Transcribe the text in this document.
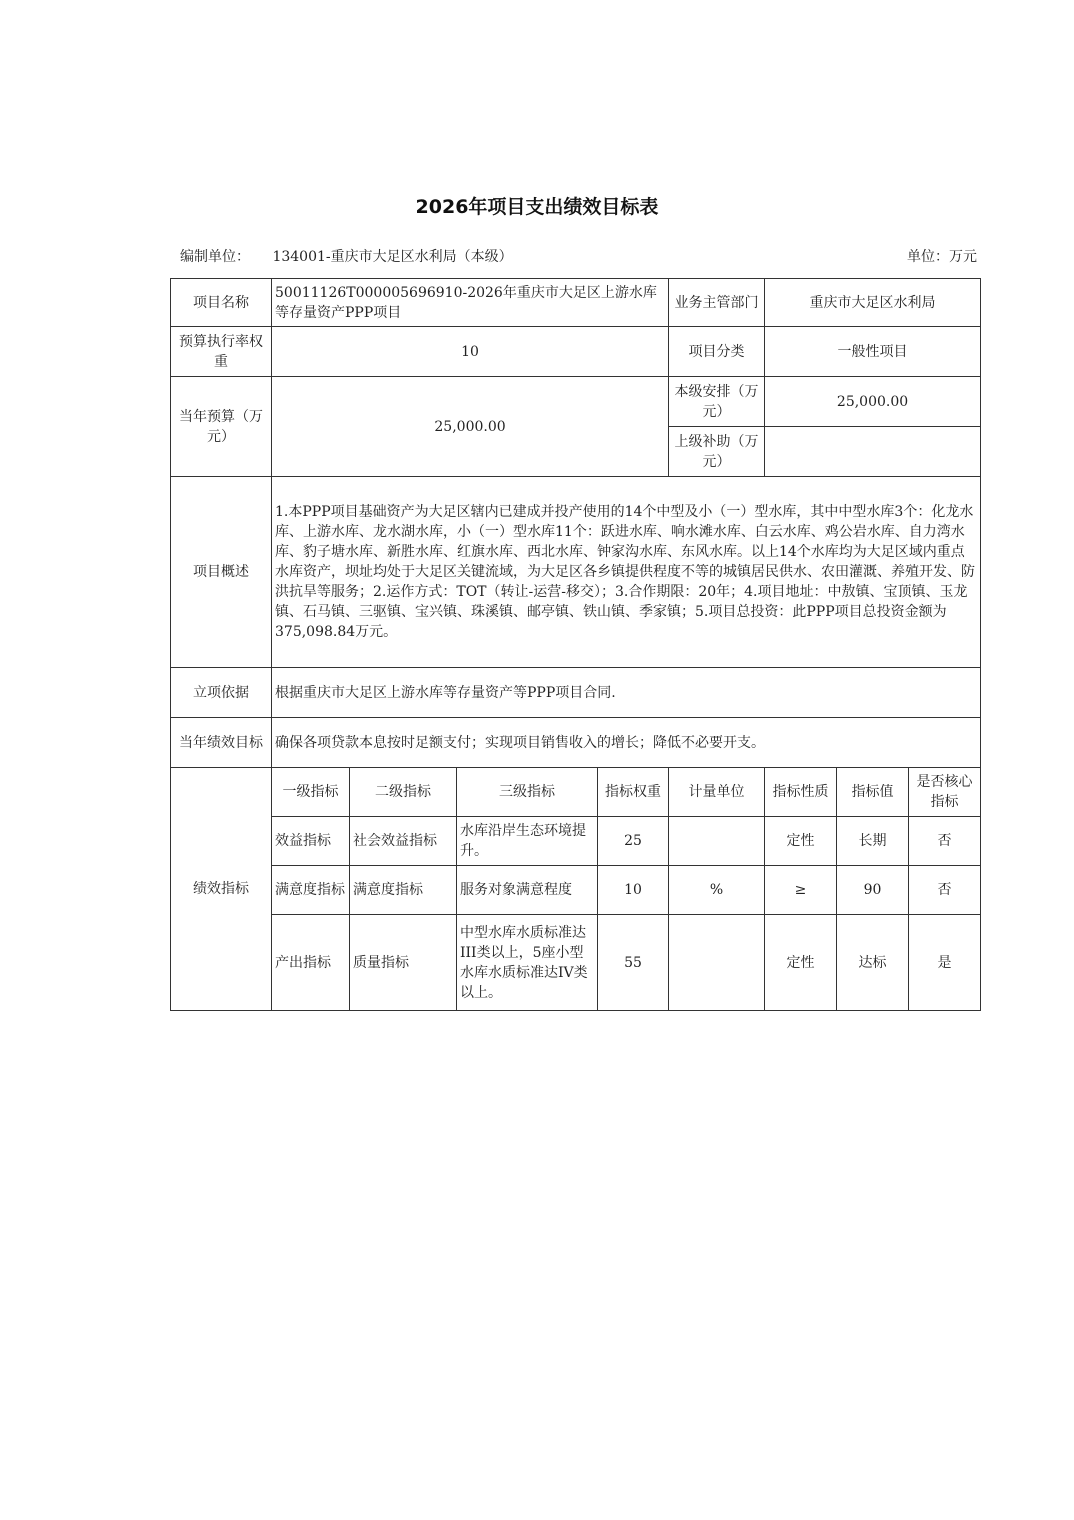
2026年项目支出绩效目标表
编制单位： 134001-重庆市大足区水利局（本级）	单位：万元
项目名称	50011126T000005696910-2026年重庆市大足区上游水库等存量资产PPP项目				业务主管部门	重庆市大足区水利局		
预算执行率权重	10				项目分类	一般性项目		
当年预算（万元）	25,000.00				本级安排（万元）	25,000.00		
					上级补助（万元）			
项目概述	1.本PPP项目基础资产为大足区辖内已建成并投产使用的14个中型及小（一）型水库，其中中型水库3个：化龙水库、上游水库、龙水湖水库，小（一）型水库11个：跃进水库、响水滩水库、白云水库、鸡公岩水库、自力湾水库、豹子塘水库、新胜水库、红旗水库、西北水库、钟家沟水库、东风水库。以上14个水库均为大足区域内重点水库资产，坝址均处于大足区关键流域，为大足区各乡镇提供程度不等的城镇居民供水、农田灌溉、养殖开发、防洪抗旱等服务；2.运作方式：TOT（转让-运营-移交）；3.合作期限：20年；4.项目地址：中敖镇、宝顶镇、玉龙镇、石马镇、三驱镇、宝兴镇、珠溪镇、邮亭镇、铁山镇、季家镇；5.项目总投资：此PPP项目总投资金额为375,098.84万元。							
立项依据	根据重庆市大足区上游水库等存量资产等PPP项目合同.							
当年绩效目标	确保各项贷款本息按时足额支付；实现项目销售收入的增长；降低不必要开支。							
绩效指标	一级指标	二级指标	三级指标	指标权重	计量单位	指标性质	指标值	是否核心指标
	效益指标	社会效益指标	水库沿岸生态环境提升。	25		定性	长期	否
	满意度指标	满意度指标	服务对象满意程度	10	%	≥	90	否
	产出指标	质量指标	中型水库水质标准达III类以上，5座小型水库水质标准达IV类以上。	55		定性	达标	是
